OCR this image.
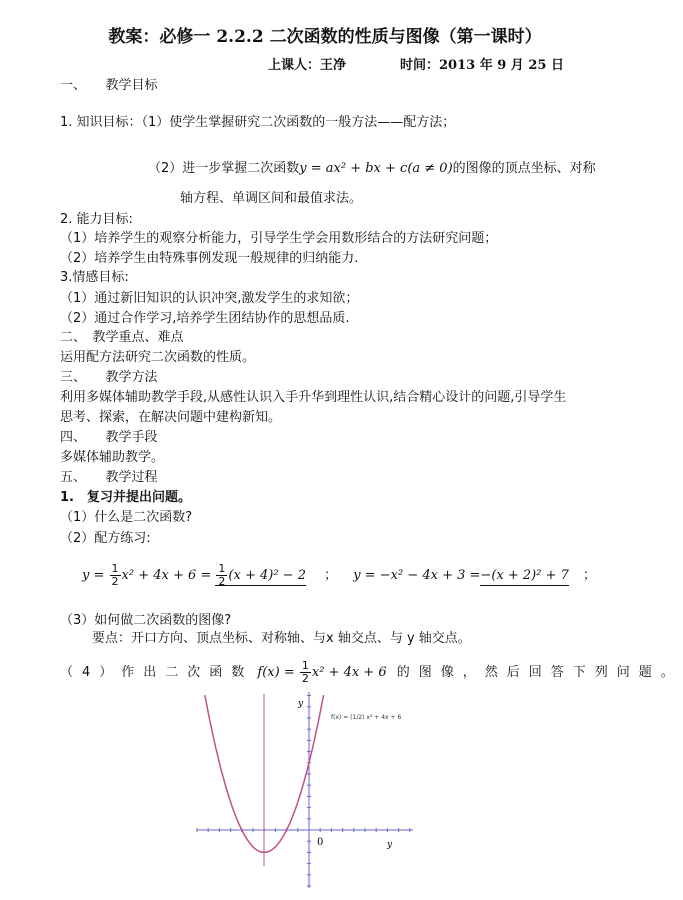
教案：必修一 2.2.2 二次函数的性质与图像（第一课时）
上课人：王净	时间：2013 年 9 月 25 日
一、　　教学目标
1. 知识目标：（1）使学生掌握研究二次函数的一般方法——配方法；
（2）进一步掌握二次函数y = ax² + bx + c(a ≠ 0)的图像的顶点坐标、对称
轴方程、单调区间和最值求法。
2. 能力目标:
（1）培养学生的观察分析能力，引导学生学会用数形结合的方法研究问题；
（2）培养学生由特殊事例发现一般规律的归纳能力.
3.情感目标:
（1）通过新旧知识的认识冲突,激发学生的求知欲；
（2）通过合作学习,培养学生团结协作的思想品质.
二、　教学重点、难点
运用配方法研究二次函数的性质。
三、　　教学方法
利用多媒体辅助教学手段,从感性认识入手升华到理性认识,结合精心设计的问题,引导学生
思考、探索，在解决问题中建构新知。
四、　　教学手段
多媒体辅助教学。
五、　　教学过程
1.　复习并提出问题。
（1）什么是二次函数?
（2）配方练习:
$y = \frac{1}{2} x^2 + 4x + 6 = \frac{1}{2} (x + 4)^2 - 2$ ； y = −x² − 4x + 3 =−(x + 2)² + 7 ；
（3）如何做二次函数的图像?
要点：开口方向、顶点坐标、对称轴、与x 轴交点、与 y 轴交点。
（4）作出二次函数 $f(x) = \frac{1}{2} x^2 + 4x + 6$ 的图像，然后回答下列问题。
y
y
0
f(x) = (1/2) x² + 4x + 6
